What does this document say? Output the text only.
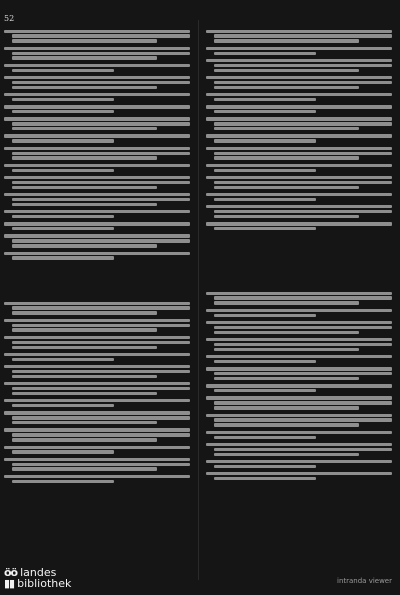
52
öö landes
▮▮ bibliothek	intranda viewer
